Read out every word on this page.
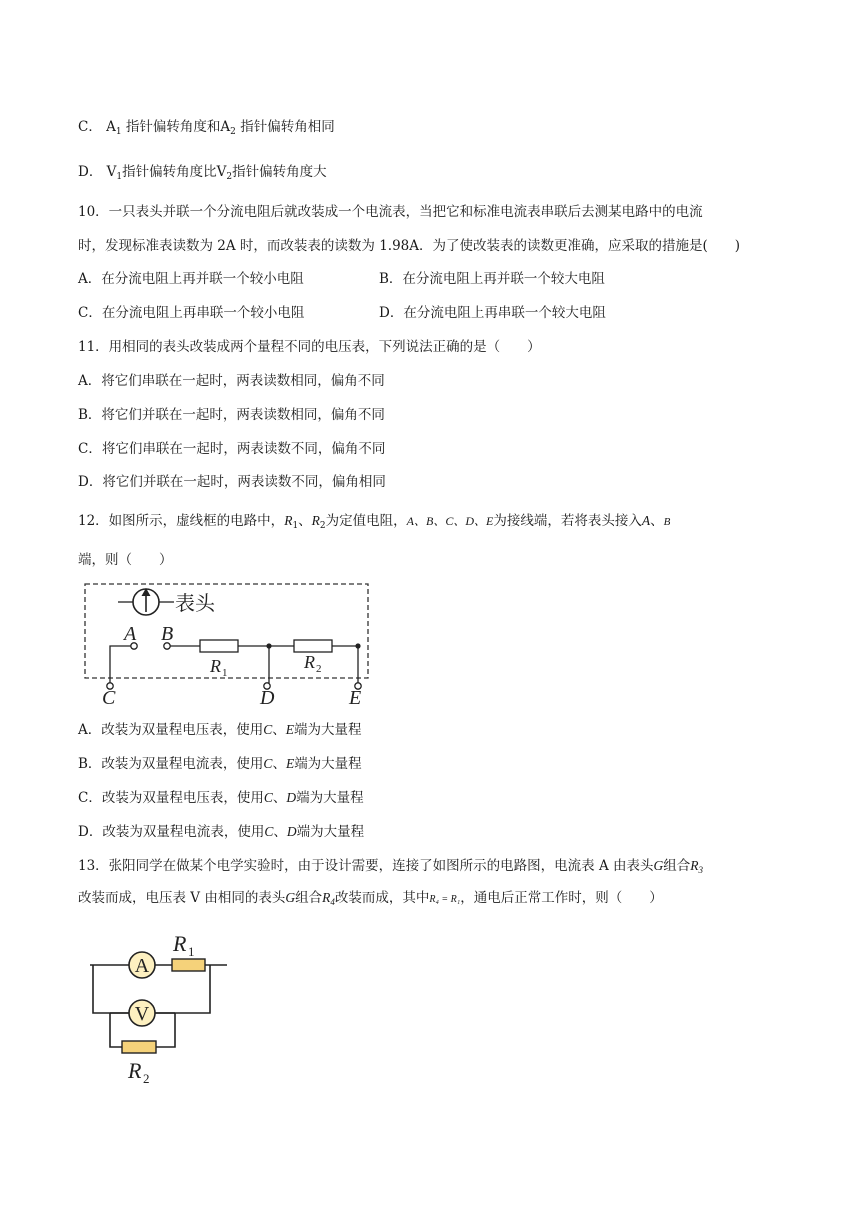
C． $A_1$ 指针偏转角度和$A_2$ 指针偏转角相同
D． $V_1$指针偏转角度比$V_2$指针偏转角度大
10．一只表头并联一个分流电阻后就改装成一个电流表，当把它和标准电流表串联后去测某电路中的电流
时，发现标准表读数为 2A 时，而改装表的读数为 1.98A．为了使改装表的读数更准确，应采取的措施是(　　)
A．在分流电阻上再并联一个较小电阻	B．在分流电阻上再并联一个较大电阻
C．在分流电阻上再串联一个较小电阻	D．在分流电阻上再串联一个较大电阻
11．用相同的表头改装成两个量程不同的电压表，下列说法正确的是（　　）
A．将它们串联在一起时，两表读数相同，偏角不同
B．将它们并联在一起时，两表读数相同，偏角不同
C．将它们串联在一起时，两表读数不同，偏角不同
D．将它们并联在一起时，两表读数不同，偏角相同
12．如图所示，虚线框的电路中，$R_1$、$R_2$为定值电阻，A、B、C、D、E为接线端，若将表头接入A、B
端，则（　　）
表头
A
C
B
R 1
R 2
D	E
A．改装为双量程电压表，使用C、E端为大量程
B．改装为双量程电流表，使用C、E端为大量程
C．改装为双量程电压表，使用C、D端为大量程
D．改装为双量程电流表，使用C、D端为大量程
13．张阳同学在做某个电学实验时，由于设计需要，连接了如图所示的电路图，电流表 A 由表头G组合$R_3$
改装而成，电压表 V 由相同的表头G组合$R_4$改装而成，其中R₄ = R₁，通电后正常工作时，则（　　）
A
R 1
V
R 2
